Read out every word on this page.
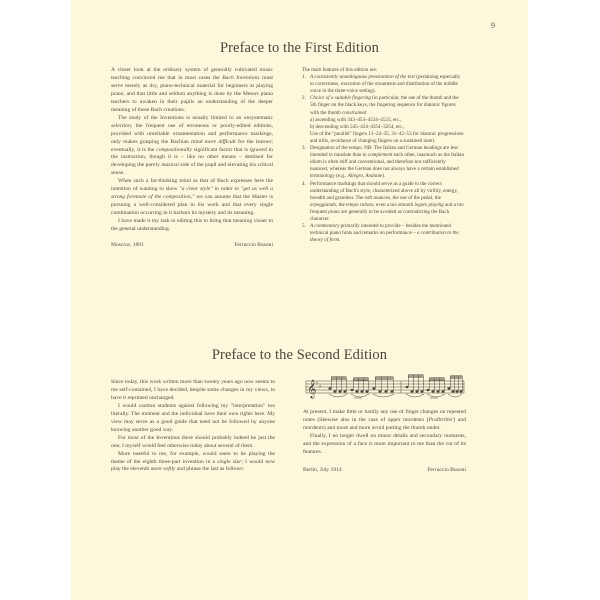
9
Preface to the First Edition

A closer look at the ordinary system of generally cultivated music teaching convinced me that in most cases the Bach Inventions must serve merely as dry, piano-technical material for beginners at playing piano, and that little and seldom anything is done by the Messrs piano teachers to awaken in their pupils an understanding of the deeper meaning of these Bach creations.

The study of the Inventions is usually limited to an unsystematic selection, the frequent use of erroneous or poorly-edited editions, provided with unreliable ornamentation and performance markings, only makes grasping the Bachian mind more difficult for the learner; eventually, it is the compositionally significant factor that is ignored in the instruction, though it is – like no other means – destined for developing the purely musical side of the pupil and elevating his critical sense.

When such a far-thinking mind as that of Bach expresses here the intention of wanting to show "a clear style" in order to "get as well a strong foretaste of the composition," we can assume that the Master is pursuing a well-considered plan in his work and that every single combination occurring in it harbors its mystery and its meaning.

I have made it my task in editing this to bring that meaning closer to the general understanding.

Moscow, 1891	Ferruccio Busoni

The main features of this edition are:

1. A consistently unambiguous presentation of the text (pertaining especially to correctness, execution of the ornaments and distribution of the middle voice in the three-voice setting).
2. Choice of a suitable fingering (in particular, the use of the thumb and the 5th finger on the black keys, the fingering sequence for diatonic figures with the thumb constrained
a) ascending with 343–454–4534–4523, etc.,
b) descending with 545–434–4354–3254, etc.,
Use of the "parallel" fingers 13–24–35, 31–42–53 for diatonic progressions and trills, avoidance of changing fingers on a sustained note).
3. Designation of the tempo. NB: The Italian and German headings are less intended to translate than to complement each other, inasmuch as the Italian idiom is often stiff and conventional, and therefore not sufficiently nuanced, whereas the German does not always have a certain established terminology (e.g., Allegro, Andante).
4. Performance markings that should serve as a guide to the correct understanding of Bach's style, characterized above all by virility, energy, breadth and grandeur. The soft nuances, the use of the pedal, the arpeggiando, the tempo rubato, even a too smooth legato playing and a too frequent piano are generally to be avoided as contradicting the Bach character.
5. A commentary primarily intended to provide – besides the mentioned technical piano hints and remarks on performance – a contribution to the theory of form.
Preface to the Second Edition

Since today, this work written more than twenty years ago now seems to me self-contained, I have decided, despite some changes in my views, to have it reprinted unchanged.

I would caution students against following my "interpretation" too literally. The moment and the individual have their own rights here. My view may serve as a good guide that need not be followed by anyone knowing another good way.

For most of the Inventions there should probably indeed be just the one; I myself would feel otherwise today about several of them.

More tasteful to me, for example, would seem to be playing the theme of the eighth three-part invention in a single slur; I would now play the eleventh more softly and phrase the last as follows:

𝄞 ♯ ♯

At present, I make little or hardly any use of finger changes on repeated notes (likewise also in the case of upper mordents [Pralltriller] and mordents) and more and more avoid putting the thumb under.

Finally, I no longer dwell on minor details and secondary moments, and the expression of a face is more important to me than the cut of its features.

Berlin, July 1914	Ferruccio Busoni
